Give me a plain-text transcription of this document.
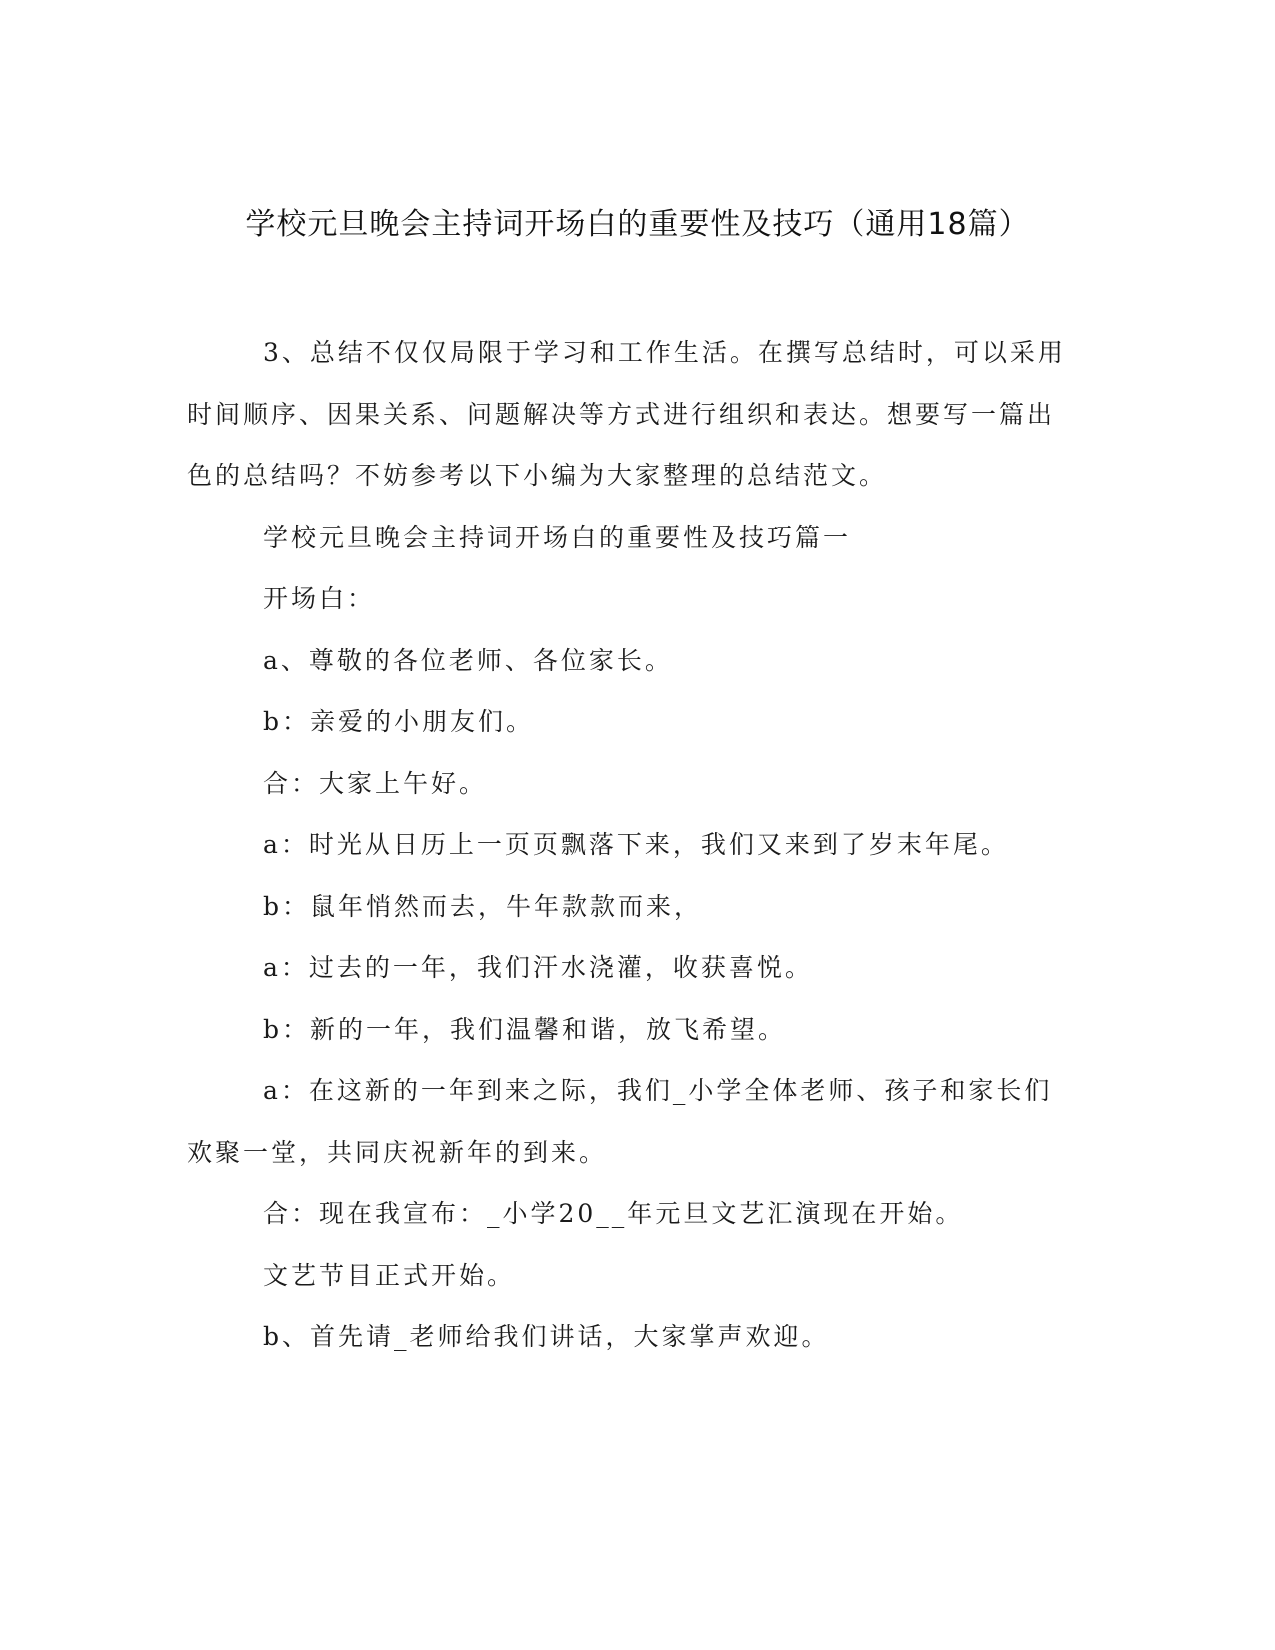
学校元旦晚会主持词开场白的重要性及技巧（通用18篇）

3、总结不仅仅局限于学习和工作生活。在撰写总结时，可以采用时间顺序、因果关系、问题解决等方式进行组织和表达。想要写一篇出色的总结吗？不妨参考以下小编为大家整理的总结范文。

学校元旦晚会主持词开场白的重要性及技巧篇一

开场白：

a、尊敬的各位老师、各位家长。

b：亲爱的小朋友们。

合：大家上午好。

a：时光从日历上一页页飘落下来，我们又来到了岁末年尾。

b：鼠年悄然而去，牛年款款而来，

a：过去的一年，我们汗水浇灌，收获喜悦。

b：新的一年，我们温馨和谐，放飞希望。

a：在这新的一年到来之际，我们_小学全体老师、孩子和家长们欢聚一堂，共同庆祝新年的到来。

合：现在我宣布：_小学20__年元旦文艺汇演现在开始。

文艺节目正式开始。

b、首先请_老师给我们讲话，大家掌声欢迎。
